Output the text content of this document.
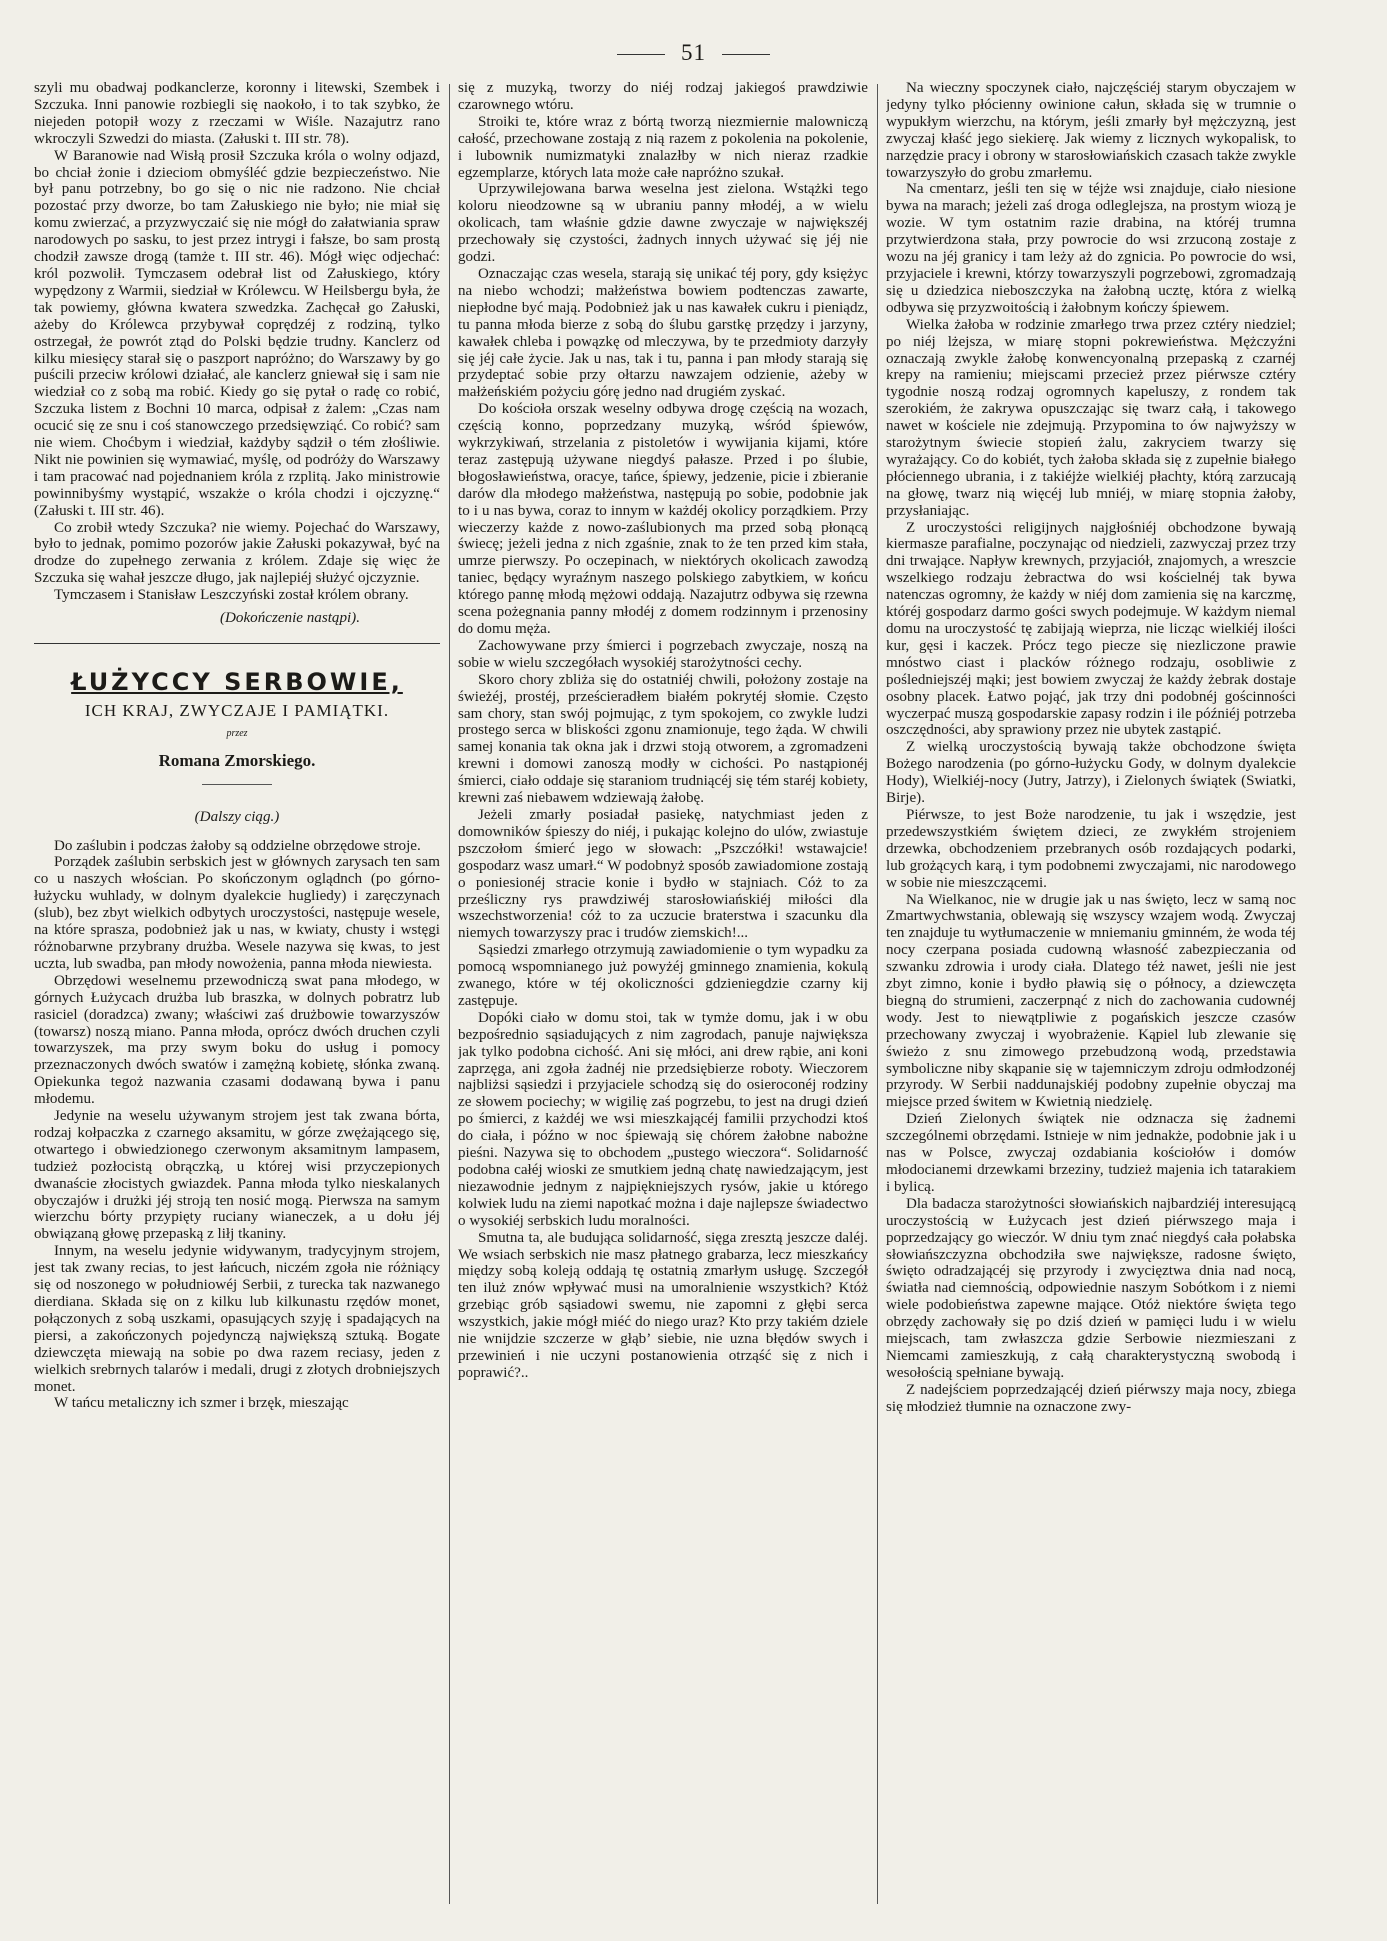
51

szyli mu obadwaj podkanclerze, koronny i litewski, Szembek i Szczuka. Inni panowie rozbiegli się naokoło, i to tak szybko, że niejeden potopił wozy z rzeczami w Wiśle. Nazajutrz rano wkroczyli Szwedzi do miasta. (Załuski t. III str. 78).

W Baranowie nad Wisłą prosił Szczuka króla o wolny odjazd, bo chciał żonie i dzieciom obmyśléć gdzie bezpieczeństwo. Nie był panu potrzebny, bo go się o nic nie radzono. Nie chciał pozostać przy dworze, bo tam Załuskiego nie było; nie miał się komu zwierzać, a przyzwyczaić się nie mógł do załatwiania spraw narodowych po sasku, to jest przez intrygi i fałsze, bo sam prostą chodził zawsze drogą (tamże t. III str. 46). Mógł więc odjechać: król pozwolił. Tymczasem odebrał list od Załuskiego, który wypędzony z Warmii, siedział w Królewcu. W Heilsbergu była, że tak powiemy, główna kwatera szwedzka. Zachęcał go Załuski, ażeby do Królewca przybywał coprędzéj z rodziną, tylko ostrzegał, że powrót ztąd do Polski będzie trudny. Kanclerz od kilku miesięcy starał się o paszport napróżno; do Warszawy by go puścili przeciw królowi działać, ale kanclerz gniewał się i sam nie wiedział co z sobą ma robić. Kiedy go się pytał o radę co robić, Szczuka listem z Bochni 10 marca, odpisał z żalem: „Czas nam ocucić się ze snu i coś stanowczego przedsięwziąć. Co robić? sam nie wiem. Choćbym i wiedział, każdyby sądził o tém złośliwie. Nikt nie powinien się wymawiać, myślę, od podróży do Warszawy i tam pracować nad pojednaniem króla z rzplitą. Jako ministrowie powinnibyśmy wystąpić, wszakże o króla chodzi i ojczyznę.“ (Załuski t. III str. 46).

Co zrobił wtedy Szczuka? nie wiemy. Pojechać do Warszawy, było to jednak, pomimo pozorów jakie Załuski pokazywał, być na drodze do zupełnego zerwania z królem. Zdaje się więc że Szczuka się wahał jeszcze długo, jak najlepiéj służyć ojczyznie.

Tymczasem i Stanisław Leszczyński został królem obrany.

(Dokończenie nastąpi).

ŁUŻYCCY SERBOWIE,
ICH KRAJ, ZWYCZAJE I PAMIĄTKI.
przez
Romana Zmorskiego.
(Dalszy ciąg.)

Do zaślubin i podczas żałoby są oddzielne obrzędowe stroje.

Porządek zaślubin serbskich jest w głównych zarysach ten sam co u naszych włościan. Po skończonym oglądnch (po górno-łużycku wuhlady, w dolnym dyalekcie hugliedy) i zaręczynach (slub), bez zbyt wielkich odbytych uroczystości, następuje wesele, na które sprasza, podobnież jak u nas, w kwiaty, chusty i wstęgi różnobarwne przybrany drużba. Wesele nazywa się kwas, to jest uczta, lub swadba, pan młody nowożenia, panna młoda niewiesta.

Obrzędowi weselnemu przewodniczą swat pana młodego, w górnych Łużycach drużba lub braszka, w dolnych pobratrz lub rasiciel (doradzca) zwany; właściwi zaś drużbowie towarzyszów (towarsz) noszą miano. Panna młoda, oprócz dwóch druchen czyli towarzyszek, ma przy swym boku do usług i pomocy przeznaczonych dwóch swatów i zamężną kobietę, słónka zwaną. Opiekunka tegoż nazwania czasami dodawaną bywa i panu młodemu.

Jedynie na weselu używanym strojem jest tak zwana bórta, rodzaj kołpaczka z czarnego aksamitu, w górze zwężającego się, otwartego i obwiedzionego czerwonym aksamitnym lampasem, tudzież pozłocistą obrączką, u której wisi przyczepionych dwanaście złocistych gwiazdek. Panna młoda tylko nieskalanych obyczajów i drużki jéj stroją ten nosić mogą. Pierwsza na samym wierzchu bórty przypięty ruciany wianeczek, a u dołu jéj obwiązaną głowę przepaską z liłj tkaniny.

Innym, na weselu jedynie widywanym, tradycyjnym strojem, jest tak zwany recias, to jest łańcuch, niczém zgoła nie różniący się od noszonego w południowéj Serbii, z turecka tak nazwanego dierdiana. Składa się on z kilku lub kilkunastu rzędów monet, połączonych z sobą uszkami, opasujących szyję i spadających na piersi, a zakończonych pojedynczą największą sztuką. Bogate dziewczęta miewają na sobie po dwa razem reciasy, jeden z wielkich srebrnych talarów i medali, drugi z złotych drobniejszych monet.

W tańcu metaliczny ich szmer i brzęk, mieszając

się z muzyką, tworzy do niéj rodzaj jakiegoś prawdziwie czarownego wtóru.

Stroiki te, które wraz z bórtą tworzą niezmiernie malowniczą całość, przechowane zostają z nią razem z pokolenia na pokolenie, i lubownik numizmatyki znalazłby w nich nieraz rzadkie egzemplarze, których lata może całe napróżno szukał.

Uprzywilejowana barwa weselna jest zielona. Wstążki tego koloru nieodzowne są w ubraniu panny młodéj, a w wielu okolicach, tam właśnie gdzie dawne zwyczaje w największéj przechowały się czystości, żadnych innych używać się jéj nie godzi.

Oznaczając czas wesela, starają się unikać téj pory, gdy księżyc na niebo wchodzi; małżeństwa bowiem podtenczas zawarte, niepłodne być mają. Podobnież jak u nas kawałek cukru i pieniądz, tu panna młoda bierze z sobą do ślubu garstkę przędzy i jarzyny, kawałek chleba i powązkę od mleczywa, by te przedmioty darzyły się jéj całe życie. Jak u nas, tak i tu, panna i pan młody starają się przydeptać sobie przy ołtarzu nawzajem odzienie, ażeby w małżeńskiém pożyciu górę jedno nad drugiém zyskać.

Do kościoła orszak weselny odbywa drogę częścią na wozach, częścią konno, poprzedzany muzyką, wśród śpiewów, wykrzykiwań, strzelania z pistoletów i wywijania kijami, które teraz zastępują używane niegdyś pałasze. Przed i po ślubie, błogosławieństwa, oracye, tańce, śpiewy, jedzenie, picie i zbieranie darów dla młodego małżeństwa, następują po sobie, podobnie jak to i u nas bywa, coraz to innym w każdéj okolicy porządkiem. Przy wieczerzy każde z nowo-zaślubionych ma przed sobą płonącą świecę; jeżeli jedna z nich zgaśnie, znak to że ten przed kim stała, umrze pierwszy. Po oczepinach, w niektórych okolicach zawodzą taniec, będący wyraźnym naszego polskiego zabytkiem, w końcu którego pannę młodą mężowi oddają. Nazajutrz odbywa się rzewna scena pożegnania panny młodéj z domem rodzinnym i przenosiny do domu męża.

Zachowywane przy śmierci i pogrzebach zwyczaje, noszą na sobie w wielu szczegółach wysokiéj starożytności cechy.

Skoro chory zbliża się do ostatniéj chwili, położony zostaje na świeżéj, prostéj, prześcieradłem białém pokrytéj słomie. Często sam chory, stan swój pojmując, z tym spokojem, co zwykle ludzi prostego serca w bliskości zgonu znamionuje, tego żąda. W chwili samej konania tak okna jak i drzwi stoją otworem, a zgromadzeni krewni i domowi zanoszą modły w cichości. Po nastąpionéj śmierci, ciało oddaje się staraniom trudniącéj się tém staréj kobiety, krewni zaś niebawem wdziewają żałobę.

Jeżeli zmarły posiadał pasiekę, natychmiast jeden z domowników śpieszy do niéj, i pukając kolejno do ulów, zwiastuje pszczołom śmierć jego w słowach: „Pszczółki! wstawajcie! gospodarz wasz umarł.“ W podobnyż sposób zawiadomione zostają o poniesionéj stracie konie i bydło w stajniach. Cóż to za prześliczny rys prawdziwéj starosłowiańskiéj miłości dla wszechstworzenia! cóż to za uczucie braterstwa i szacunku dla niemych towarzyszy prac i trudów ziemskich!...

Sąsiedzi zmarłego otrzymują zawiadomienie o tym wypadku za pomocą wspomnianego już powyżéj gminnego znamienia, kokulą zwanego, które w téj okoliczności gdzieniegdzie czarny kij zastępuje.

Dopóki ciało w domu stoi, tak w tymże domu, jak i w obu bezpośrednio sąsiadujących z nim zagrodach, panuje największa jak tylko podobna cichość. Ani się młóci, ani drew rąbie, ani koni zaprzęga, ani zgoła żadnéj nie przedsiębierze roboty. Wieczorem najbliżsi sąsiedzi i przyjaciele schodzą się do osieroconéj rodziny ze słowem pociechy; w wigilię zaś pogrzebu, to jest na drugi dzień po śmierci, z każdéj we wsi mieszkającéj familii przychodzi ktoś do ciała, i późno w noc śpiewają się chórem żałobne nabożne pieśni. Nazywa się to obchodem „pustego wieczora“. Solidarność podobna całéj wioski ze smutkiem jedną chatę nawiedzającym, jest niezawodnie jednym z najpiękniejszych rysów, jakie u którego kolwiek ludu na ziemi napotkać można i daje najlepsze świadectwo o wysokiéj serbskich ludu moralności.

Smutna ta, ale budująca solidarność, sięga zresztą jeszcze daléj. We wsiach serbskich nie masz płatnego grabarza, lecz mieszkańcy między sobą koleją oddają tę ostatnią zmarłym usługę. Szczegół ten iluż znów wpływać musi na umoralnienie wszystkich? Któż grzebiąc grób sąsiadowi swemu, nie zapomni z głębi serca wszystkich, jakie mógł miéć do niego uraz? Kto przy takiém dziele nie wnijdzie szczerze w głąb’ siebie, nie uzna błędów swych i przewinień i nie uczyni postanowienia otrząść się z nich i poprawić?..

Na wieczny spoczynek ciało, najczęściéj starym obyczajem w jedyny tylko płócienny owinione całun, składa się w trumnie o wypukłym wierzchu, na którym, jeśli zmarły był mężczyzną, jest zwyczaj kłaść jego siekierę. Jak wiemy z licznych wykopalisk, to narzędzie pracy i obrony w starosłowiańskich czasach także zwykle towarzyszyło do grobu zmarłemu.

Na cmentarz, jeśli ten się w téjże wsi znajduje, ciało niesione bywa na marach; jeżeli zaś droga odleglejsza, na prostym wiozą je wozie. W tym ostatnim razie drabina, na któréj trumna przytwierdzona stała, przy powrocie do wsi zrzuconą zostaje z wozu na jéj granicy i tam leży aż do zgnicia. Po powrocie do wsi, przyjaciele i krewni, którzy towarzyszyli pogrzebowi, zgromadzają się u dziedzica nieboszczyka na żałobną ucztę, która z wielką odbywa się przyzwoitością i żałobnym kończy śpiewem.

Wielka żałoba w rodzinie zmarłego trwa przez cztéry niedziel; po niéj lżejsza, w miarę stopni pokrewieństwa. Mężczyźni oznaczają zwykle żałobę konwencyonalną przepaską z czarnéj krepy na ramieniu; miejscami przecież przez piérwsze cztéry tygodnie noszą rodzaj ogromnych kapeluszy, z rondem tak szerokiém, że zakrywa opuszczając się twarz całą, i takowego nawet w kościele nie zdejmują. Przypomina to ów najwyższy w starożytnym świecie stopień żalu, zakryciem twarzy się wyrażający. Co do kobiét, tych żałoba składa się z zupełnie białego płóciennego ubrania, i z takiéjże wielkiéj płachty, którą zarzucają na głowę, twarz nią więcéj lub mniéj, w miarę stopnia żałoby, przysłaniając.

Z uroczystości religijnych najgłośniéj obchodzone bywają kiermasze parafialne, poczynając od niedzieli, zazwyczaj przez trzy dni trwające. Napływ krewnych, przyjaciół, znajomych, a wreszcie wszelkiego rodzaju żebractwa do wsi kościelnéj tak bywa natenczas ogromny, że każdy w niéj dom zamienia się na karczmę, któréj gospodarz darmo gości swych podejmuje. W każdym niemal domu na uroczystość tę zabijają wieprza, nie licząc wielkiéj ilości kur, gęsi i kaczek. Prócz tego piecze się niezliczone prawie mnóstwo ciast i placków różnego rodzaju, osobliwie z pośledniejszéj mąki; jest bowiem zwyczaj że każdy żebrak dostaje osobny placek. Łatwo pojąć, jak trzy dni podobnéj gościnności wyczerpać muszą gospodarskie zapasy rodzin i ile późniéj potrzeba oszczędności, aby sprawiony przez nie ubytek zastąpić.

Z wielką uroczystością bywają także obchodzone święta Bożego narodzenia (po górno-łużycku Gody, w dolnym dyalekcie Hody), Wielkiéj-nocy (Jutry, Jatrzy), i Zielonych świątek (Swiatki, Birje).

Piérwsze, to jest Boże narodzenie, tu jak i wszędzie, jest przedewszystkiém świętem dzieci, ze zwykłém strojeniem drzewka, obchodzeniem przebranych osób rozdających podarki, lub grożących karą, i tym podobnemi zwyczajami, nic narodowego w sobie nie mieszczącemi.

Na Wielkanoc, nie w drugie jak u nas święto, lecz w samą noc Zmartwychwstania, oblewają się wszyscy wzajem wodą. Zwyczaj ten znajduje tu wytłumaczenie w mniemaniu gminném, że woda téj nocy czerpana posiada cudowną własność zabezpieczania od szwanku zdrowia i urody ciała. Dlatego téż nawet, jeśli nie jest zbyt zimno, konie i bydło pławią się o północy, a dziewczęta biegną do strumieni, zaczerpnąć z nich do zachowania cudownéj wody. Jest to niewątpliwie z pogańskich jeszcze czasów przechowany zwyczaj i wyobrażenie. Kąpiel lub zlewanie się świeżo z snu zimowego przebudzoną wodą, przedstawia symboliczne niby skąpanie się w tajemniczym zdroju odmłodzonéj przyrody. W Serbii naddunajskiéj podobny zupełnie obyczaj ma miejsce przed świtem w Kwietnią niedzielę.

Dzień Zielonych świątek nie odznacza się żadnemi szczególnemi obrzędami. Istnieje w nim jednakże, podobnie jak i u nas w Polsce, zwyczaj ozdabiania kościołów i domów młodocianemi drzewkami brzeziny, tudzież majenia ich tatarakiem i bylicą.

Dla badacza starożytności słowiańskich najbardziéj interesującą uroczystością w Łużycach jest dzień piérwszego maja i poprzedzający go wieczór. W dniu tym znać niegdyś cała połabska słowiańszczyzna obchodziła swe największe, radosne święto, święto odradzającéj się przyrody i zwycięztwa dnia nad nocą, światła nad ciemnością, odpowiednie naszym Sobótkom i z niemi wiele podobieństwa zapewne mające. Otóż niektóre święta tego obrzędy zachowały się po dziś dzień w pamięci ludu i w wielu miejscach, tam zwłaszcza gdzie Serbowie niezmieszani z Niemcami zamieszkują, z całą charakterystyczną swobodą i wesołością spełniane bywają.

Z nadejściem poprzedzającéj dzień piérwszy maja nocy, zbiega się młodzież tłumnie na oznaczone zwy-
